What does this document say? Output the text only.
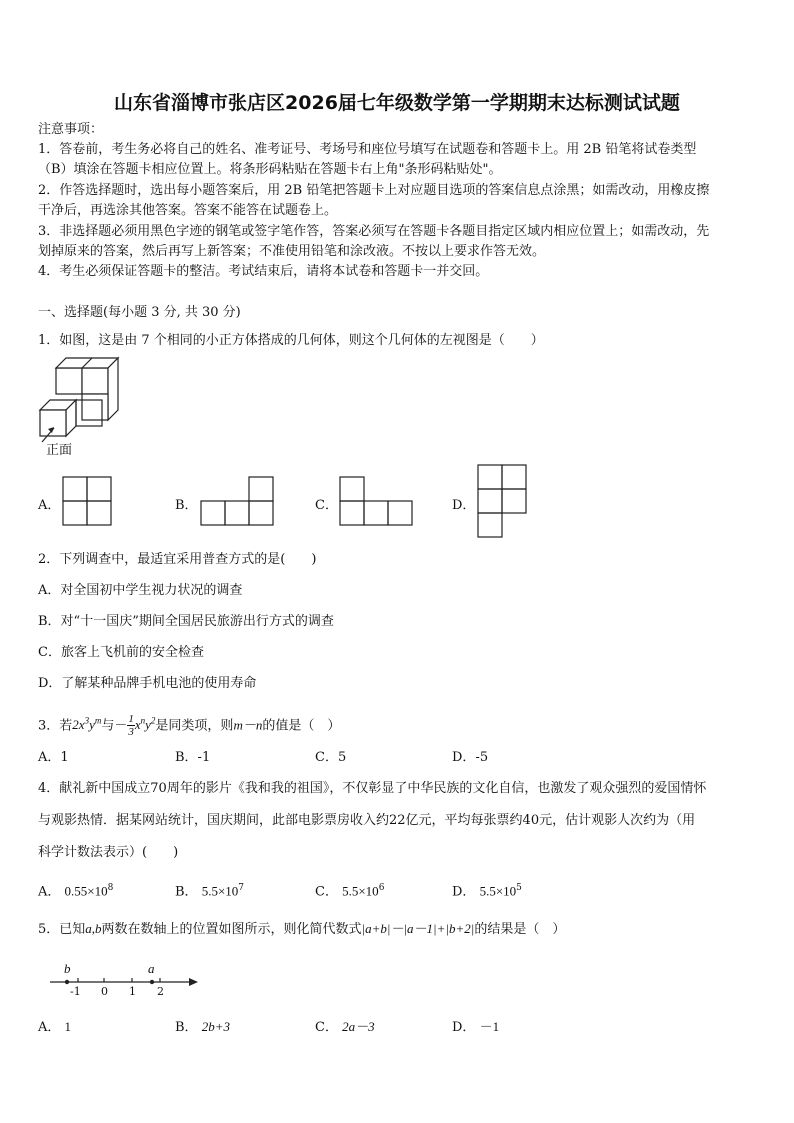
山东省淄博市张店区2026届七年级数学第一学期期末达标测试试题
注意事项：
1．答卷前，考生务必将自己的姓名、准考证号、考场号和座位号填写在试题卷和答题卡上。用 2B 铅笔将试卷类型
（B）填涂在答题卡相应位置上。将条形码粘贴在答题卡右上角"条形码粘贴处"。
2．作答选择题时，选出每小题答案后，用 2B 铅笔把答题卡上对应题目选项的答案信息点涂黑；如需改动，用橡皮擦
干净后，再选涂其他答案。答案不能答在试题卷上。
3．非选择题必须用黑色字迹的钢笔或签字笔作答，答案必须写在答题卡各题目指定区域内相应位置上；如需改动，先
划掉原来的答案，然后再写上新答案；不准使用铅笔和涂改液。不按以上要求作答无效。
4．考生必须保证答题卡的整洁。考试结束后，请将本试卷和答题卡一并交回。
一、选择题(每小题 3 分, 共 30 分)
1．如图，这是由 7 个相同的小正方体搭成的几何体，则这个几何体的左视图是（　　）
正面
A．	B．	C．	D．
2．下列调查中，最适宜采用普查方式的是(　　)
A．对全国初中学生视力状况的调查
B．对“十一国庆”期间全国居民旅游出行方式的调查
C．旅客上飞机前的安全检查
D．了解某种品牌手机电池的使用寿命
3．若$2x^3y^m$与－ $\frac{1}{3} x^ny^2$是同类项，则m－n的值是（　）
A．1	B．-1	C．5	D．-5
4．献礼新中国成立70周年的影片《我和我的祖国》，不仅彰显了中华民族的文化自信，也激发了观众强烈的爱国情怀
与观影热情．据某网站统计，国庆期间，此部电影票房收入约22亿元，平均每张票约40元，估计观影人次约为（用
科学计数法表示）(　　)
A． $0.55\times 10^8$	B． $5.5\times 10^7$	C． $5.5\times 10^6$	D． $5.5\times 10^5$
5．已知a,b两数在数轴上的位置如图所示，则化简代数式|a+b|－|a－1|+|b+2|的结果是（　）
b	a
-1 0 1 2
A． 1	B． 2b+3	C． 2a－3	D． －1
